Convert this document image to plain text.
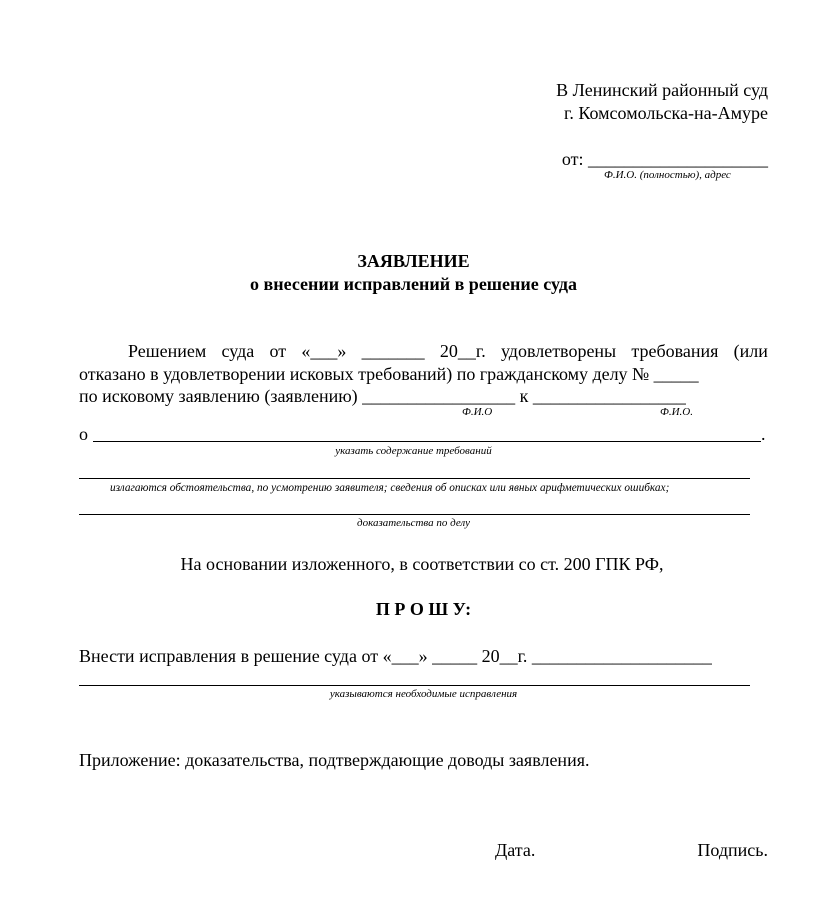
В Ленинский районный суд
г. Комсомольска-на-Амуре
от: ____________________
Ф.И.О. (полностью), адрес
ЗАЯВЛЕНИЕ
о внесении исправлений в решение суда
Решением суда от «___» _______ 20__г. удовлетворены требования (или
отказано в удовлетворении исковых требований) по гражданскому делу № _____
по исковому заявлению (заявлению) _________________ к _________________
Ф.И.О	Ф.И.О.
о	.
указать содержание требований
излагаются обстоятельства, по усмотрению заявителя; сведения об описках или явных арифметических ошибках;
доказательства по делу
На основании изложенного, в соответствии со ст. 200 ГПК РФ,
П Р О Ш У:
Внести исправления в решение суда от «___» _____ 20__г. ____________________
указываются необходимые исправления
Приложение: доказательства, подтверждающие доводы заявления.
Дата.	Подпись.
